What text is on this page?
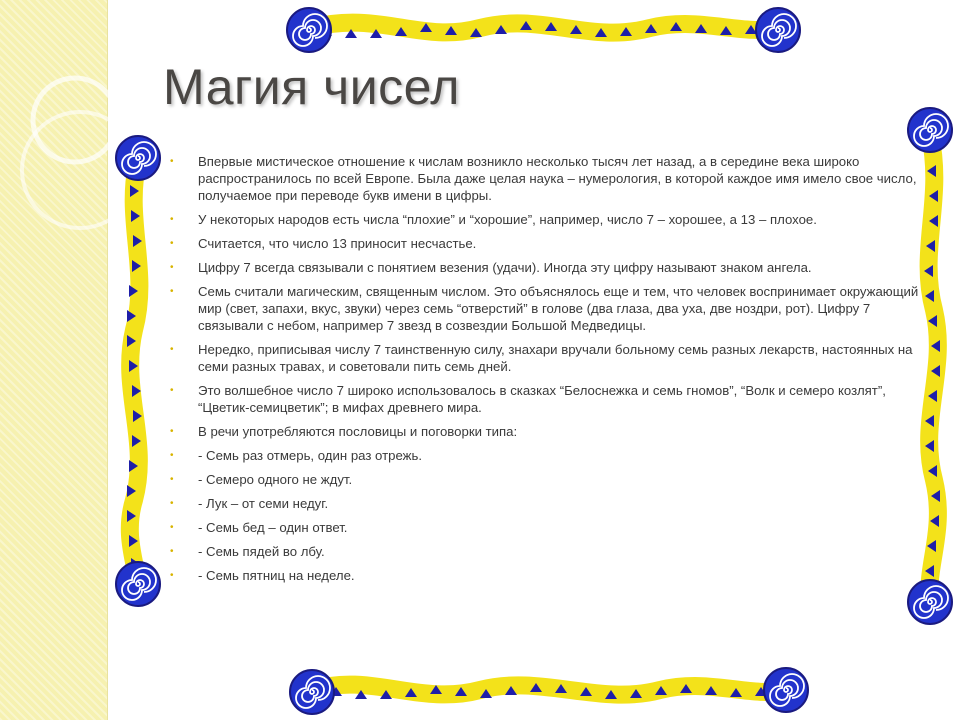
Магия чисел
• Впервые мистическое отношение к числам возникло несколько тысяч лет назад, а в середине века широко распространилось по всей Европе. Была даже целая наука – нумерология, в которой каждое имя имело свое число, получаемое при переводе букв имени в цифры.
• У некоторых народов есть числа “плохие” и “хорошие”, например, число 7 – хорошее, а 13 – плохое.
• Считается, что число 13 приносит несчастье.
• Цифру 7 всегда связывали с понятием везения (удачи). Иногда эту цифру называют знаком ангела.
• Семь считали магическим, священным числом. Это объяснялось еще и тем, что человек воспринимает окружающий мир (свет, запахи, вкус, звуки) через семь “отверстий” в голове (два глаза, два уха, две ноздри, рот). Цифру 7 связывали с небом, например 7 звезд в созвездии Большой Медведицы.
• Нередко, приписывая числу 7 таинственную силу, знахари вручали больному семь разных лекарств, настоянных на семи разных травах, и советовали пить семь дней.
• Это волшебное число 7 широко использовалось в сказках “Белоснежка и семь гномов”, “Волк и семеро козлят”, “Цветик-семицветик”; в мифах древнего мира.
• В речи употребляются пословицы и поговорки типа:
• - Семь раз отмерь, один раз отрежь.
• - Семеро одного не ждут.
• - Лук – от семи недуг.
• - Семь бед – один ответ.
• - Семь пядей во лбу.
• - Семь пятниц на неделе.
